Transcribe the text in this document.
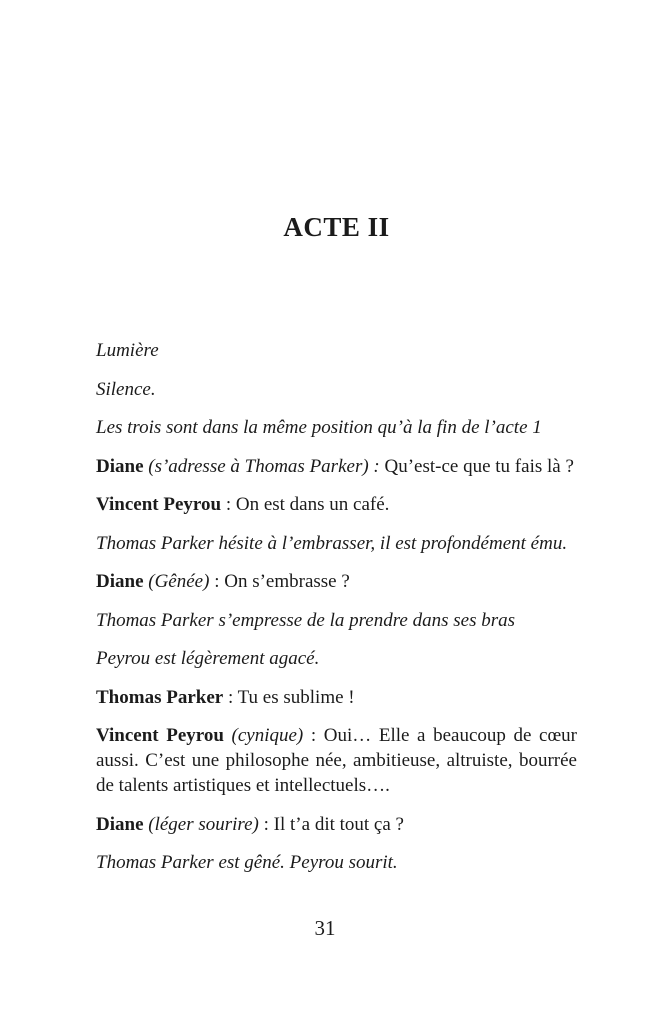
ACTE II
Lumière
Silence.
Les trois sont dans la même position qu’à la fin de l’acte 1
Diane (s’adresse à Thomas Parker) : Qu’est-ce que tu fais là ?
Vincent Peyrou : On est dans un café.
Thomas Parker hésite à l’embrasser, il est profondément ému.
Diane (Gênée) : On s’embrasse ?
Thomas Parker s’empresse de la prendre dans ses bras
Peyrou est légèrement agacé.
Thomas Parker : Tu es sublime !
Vincent Peyrou (cynique) : Oui… Elle a beaucoup de cœur
aussi. C’est une philosophe née, ambitieuse, altruiste, bourrée
de talents artistiques et intellectuels….
Diane (léger sourire) : Il t’a dit tout ça ?
Thomas Parker est gêné. Peyrou sourit.
31
